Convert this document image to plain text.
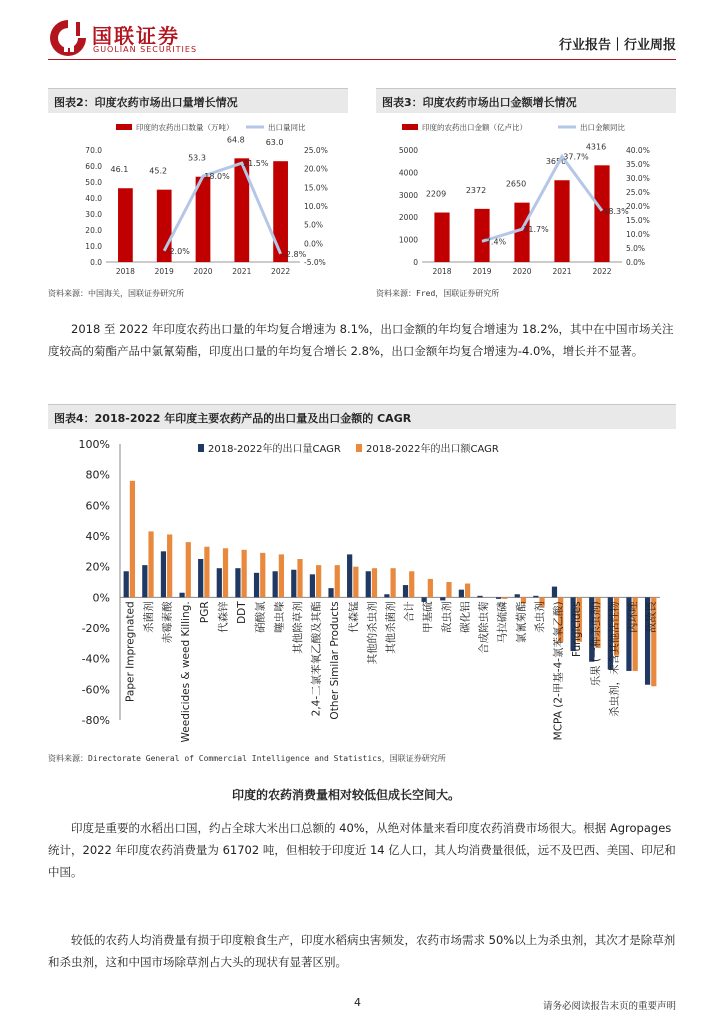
国联证券
GUOLIAN SECURITIES	行业报告｜行业周报
图表2：印度农药市场出口量增长情况
印度的农药出口数量（万吨）	出口量同比
0.0
10.0
20.0
30.0
40.0
50.0
60.0
70.0
-5.0%
0.0%
5.0%
10.0%
15.0%
20.0%
25.0%
46.1
2018
45.2
2019
53.3
2020
64.8
2021
63.0
2022
-2.0%
18.0%
21.5%
-2.8%
资料来源：中国海关，国联证券研究所
图表3：印度农药市场出口金额增长情况
印度的农药出口金额（亿卢比）	出口金额同比
0
1000
2000
3000
4000
5000
0.0%
5.0%
10.0%
15.0%
20.0%
25.0%
30.0%
35.0%
40.0%
2209
2018
2372
2019
2650
2020
3650
2021
4316
2022
7.4%
11.7%
37.7%
18.3%
资料来源：Fred，国联证券研究所
2018 至 2022 年印度农药出口量的年均复合增速为 8.1%，出口金额的年均复合增速为 18.2%，其中在中国市场关注度较高的菊酯产品中氯氰菊酯，印度出口量的年均复合增长 2.8%，出口金额年均复合增速为-4.0%，增长并不显著。
图表4：2018-2022 年印度主要农药产品的出口量及出口金额的 CAGR
2018-2022年的出口量CAGR	2018-2022年的出口额CAGR
100%
80%
60%
40%
20%
0%
-20%
-40%
-60%
-80%
Paper Impregnated 杀菌剂 赤霉素酸 Weedicides & weed Killing. PGR 代森锌 DDT 硝酸氯 噻虫嗪 其他除草剂 2,4-二氯苯氧乙酸及其酯 Other Similar Products 代森锰 其他的杀虫剂 其他杀菌剂 合计 甲基硫 敌虫剂 碳化铝 合成除虫菊 马拉硫磷 氯氰菊酯 杀虫剂 MCPA (2-甲基-4-氯苯氧乙酸) Fungicides 乐果 (一种杀虫剂) 杀虫剂，未含其他活性物 丙环唑 敌敌畏
资料来源：Directorate General of Commercial Intelligence and Statistics，国联证券研究所
印度的农药消费量相对较低但成长空间大。
印度是重要的水稻出口国，约占全球大米出口总额的 40%，从绝对体量来看印度农药消费市场很大。根据 Agropages 统计，2022 年印度农药消费量为 61702 吨，但相较于印度近 14 亿人口，其人均消费量很低，远不及巴西、美国、印尼和中国。
较低的农药人均消费量有损于印度粮食生产，印度水稻病虫害频发，农药市场需求 50%以上为杀虫剂，其次才是除草剂和杀虫剂，这和中国市场除草剂占大头的现状有显著区别。
4	请务必阅读报告末页的重要声明
